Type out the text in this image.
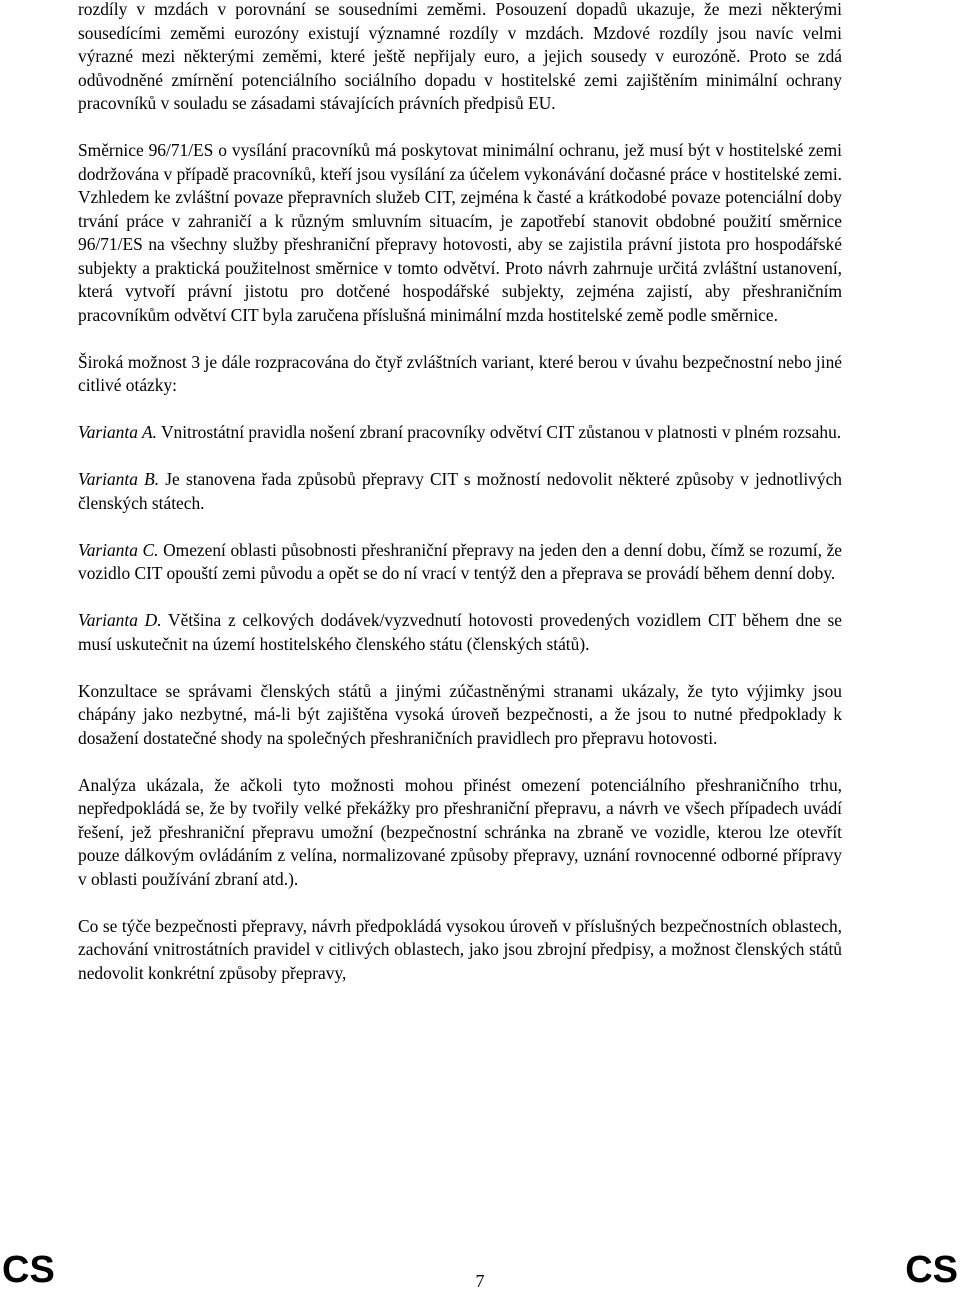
rozdíly v mzdách v porovnání se sousedními zeměmi. Posouzení dopadů ukazuje, že mezi některými sousedícími zeměmi eurozóny existují významné rozdíly v mzdách. Mzdové rozdíly jsou navíc velmi výrazné mezi některými zeměmi, které ještě nepřijaly euro, a jejich sousedy v eurozóně. Proto se zdá odůvodněné zmírnění potenciálního sociálního dopadu v hostitelské zemi zajištěním minimální ochrany pracovníků v souladu se zásadami stávajících právních předpisů EU.

Směrnice 96/71/ES o vysílání pracovníků má poskytovat minimální ochranu, jež musí být v hostitelské zemi dodržována v případě pracovníků, kteří jsou vysílání za účelem vykonávání dočasné práce v hostitelské zemi. Vzhledem ke zvláštní povaze přepravních služeb CIT, zejména k časté a krátkodobé povaze potenciální doby trvání práce v zahraničí a k různým smluvním situacím, je zapotřebí stanovit obdobné použití směrnice 96/71/ES na všechny služby přeshraniční přepravy hotovosti, aby se zajistila právní jistota pro hospodářské subjekty a praktická použitelnost směrnice v tomto odvětví. Proto návrh zahrnuje určitá zvláštní ustanovení, která vytvoří právní jistotu pro dotčené hospodářské subjekty, zejména zajistí, aby přeshraničním pracovníkům odvětví CIT byla zaručena příslušná minimální mzda hostitelské země podle směrnice.

Široká možnost 3 je dále rozpracována do čtyř zvláštních variant, které berou v úvahu bezpečnostní nebo jiné citlivé otázky:

Varianta A. Vnitrostátní pravidla nošení zbraní pracovníky odvětví CIT zůstanou v platnosti v plném rozsahu.

Varianta B. Je stanovena řada způsobů přepravy CIT s možností nedovolit některé způsoby v jednotlivých členských státech.

Varianta C. Omezení oblasti působnosti přeshraniční přepravy na jeden den a denní dobu, čímž se rozumí, že vozidlo CIT opouští zemi původu a opět se do ní vrací v tentýž den a přeprava se provádí během denní doby.

Varianta D. Většina z celkových dodávek/vyzvednutí hotovosti provedených vozidlem CIT během dne se musí uskutečnit na území hostitelského členského státu (členských států).

Konzultace se správami členských států a jinými zúčastněnými stranami ukázaly, že tyto výjimky jsou chápány jako nezbytné, má-li být zajištěna vysoká úroveň bezpečnosti, a že jsou to nutné předpoklady k dosažení dostatečné shody na společných přeshraničních pravidlech pro přepravu hotovosti.

Analýza ukázala, že ačkoli tyto možnosti mohou přinést omezení potenciálního přeshraničního trhu, nepředpokládá se, že by tvořily velké překážky pro přeshraniční přepravu, a návrh ve všech případech uvádí řešení, jež přeshraniční přepravu umožní (bezpečnostní schránka na zbraně ve vozidle, kterou lze otevřít pouze dálkovým ovládáním z velína, normalizované způsoby přepravy, uznání rovnocenné odborné přípravy v oblasti používání zbraní atd.).

Co se týče bezpečnosti přepravy, návrh předpokládá vysokou úroveň v příslušných bezpečnostních oblastech, zachování vnitrostátních pravidel v citlivých oblastech, jako jsou zbrojní předpisy, a možnost členských států nedovolit konkrétní způsoby přepravy,

CS	7	CS
